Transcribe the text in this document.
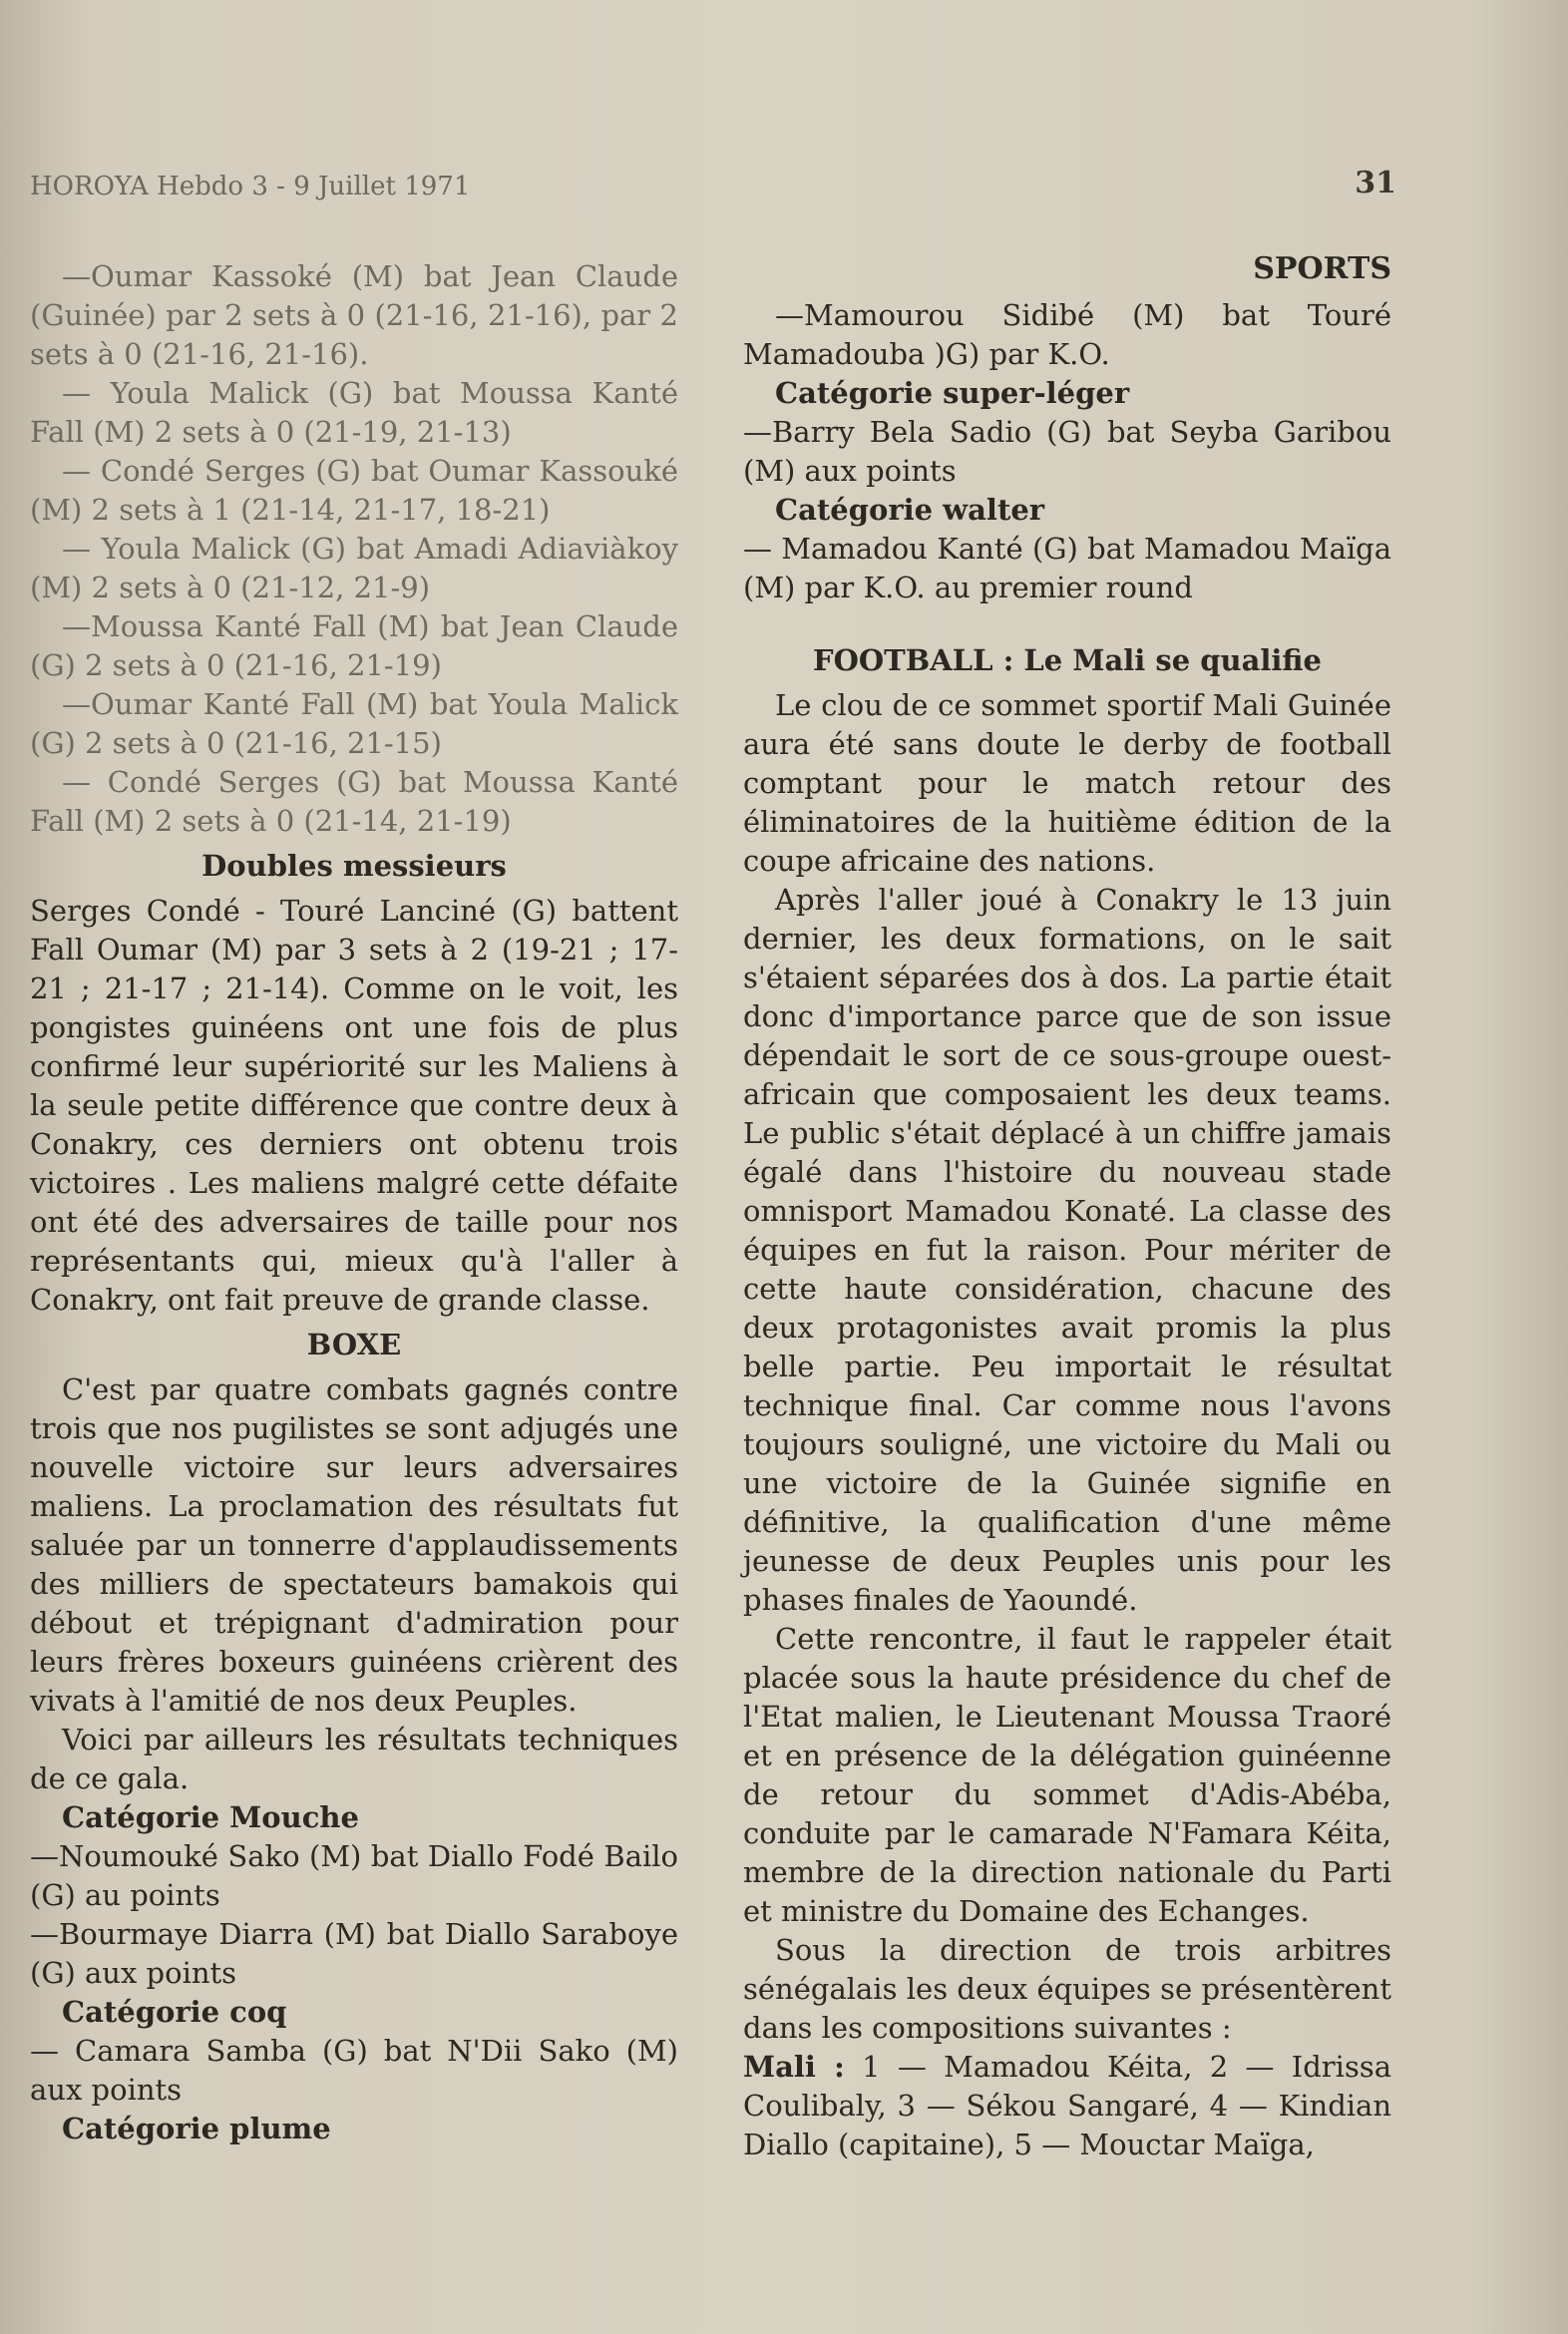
HOROYA Hebdo 3 - 9 Juillet 1971	31

—Oumar Kassoké (M) bat Jean Claude (Guinée) par 2 sets à 0 (21-16, 21-16), par 2 sets à 0 (21-16, 21-16).

— Youla Malick (G) bat Moussa Kanté Fall (M) 2 sets à 0 (21-19, 21-13)

— Condé Serges (G) bat Oumar Kassouké (M) 2 sets à 1 (21-14, 21-17, 18-21)

— Youla Malick (G) bat Amadi Adiaviàkoy (M) 2 sets à 0 (21-12, 21-9)

—Moussa Kanté Fall (M) bat Jean Claude (G) 2 sets à 0 (21-16, 21-19)

—Oumar Kanté Fall (M) bat Youla Malick (G) 2 sets à 0 (21-16, 21-15)

— Condé Serges (G) bat Moussa Kanté Fall (M) 2 sets à 0 (21-14, 21-19)

Doubles messieurs

Serges Condé - Touré Lanciné (G) battent Fall Oumar (M) par 3 sets à 2 (19-21 ; 17-21 ; 21-17 ; 21-14). Comme on le voit, les pongistes guinéens ont une fois de plus confirmé leur supériorité sur les Maliens à la seule petite différence que contre deux à Conakry, ces derniers ont obtenu trois victoires . Les maliens malgré cette défaite ont été des adversaires de taille pour nos représentants qui, mieux qu'à l'aller à Conakry, ont fait preuve de grande classe.

BOXE

C'est par quatre combats gagnés contre trois que nos pugilistes se sont adjugés une nouvelle victoire sur leurs adversaires maliens. La proclamation des résultats fut saluée par un tonnerre d'applaudissements des milliers de spectateurs bamakois qui débout et trépignant d'admiration pour leurs frères boxeurs guinéens crièrent des vivats à l'amitié de nos deux Peuples.

Voici par ailleurs les résultats techniques de ce gala.

Catégorie Mouche

—Noumouké Sako (M) bat Diallo Fodé Bailo (G) au points

—Bourmaye Diarra (M) bat Diallo Saraboye (G) aux points

Catégorie coq

— Camara Samba (G) bat N'Dii Sako (M) aux points

Catégorie plume

SPORTS

—Mamourou Sidibé (M) bat Touré Mamadouba )G) par K.O.

Catégorie super-léger

—Barry Bela Sadio (G) bat Seyba Garibou (M) aux points

Catégorie walter

— Mamadou Kanté (G) bat Mamadou Maïga (M) par K.O. au premier round

FOOTBALL : Le Mali se qualifie

Le clou de ce sommet sportif Mali Guinée aura été sans doute le derby de football comptant pour le match retour des éliminatoires de la huitième édition de la coupe africaine des nations.

Après l'aller joué à Conakry le 13 juin dernier, les deux formations, on le sait s'étaient séparées dos à dos. La partie était donc d'importance parce que de son issue dépendait le sort de ce sous-groupe ouest-africain que composaient les deux teams. Le public s'était déplacé à un chiffre jamais égalé dans l'histoire du nouveau stade omnisport Mamadou Konaté. La classe des équipes en fut la raison. Pour mériter de cette haute considération, chacune des deux protagonistes avait promis la plus belle partie. Peu importait le résultat technique final. Car comme nous l'avons toujours souligné, une victoire du Mali ou une victoire de la Guinée signifie en définitive, la qualification d'une même jeunesse de deux Peuples unis pour les phases finales de Yaoundé.

Cette rencontre, il faut le rappeler était placée sous la haute présidence du chef de l'Etat malien, le Lieutenant Moussa Traoré et en présence de la délégation guinéenne de retour du sommet d'Adis-Abéba, conduite par le camarade N'Famara Kéita, membre de la direction nationale du Parti et ministre du Domaine des Echanges.

Sous la direction de trois arbitres sénégalais les deux équipes se présentèrent dans les compositions suivantes :

Mali : 1 — Mamadou Kéita, 2 — Idrissa Coulibaly, 3 — Sékou Sangaré, 4 — Kindian Diallo (capitaine), 5 — Mouctar Maïga,
